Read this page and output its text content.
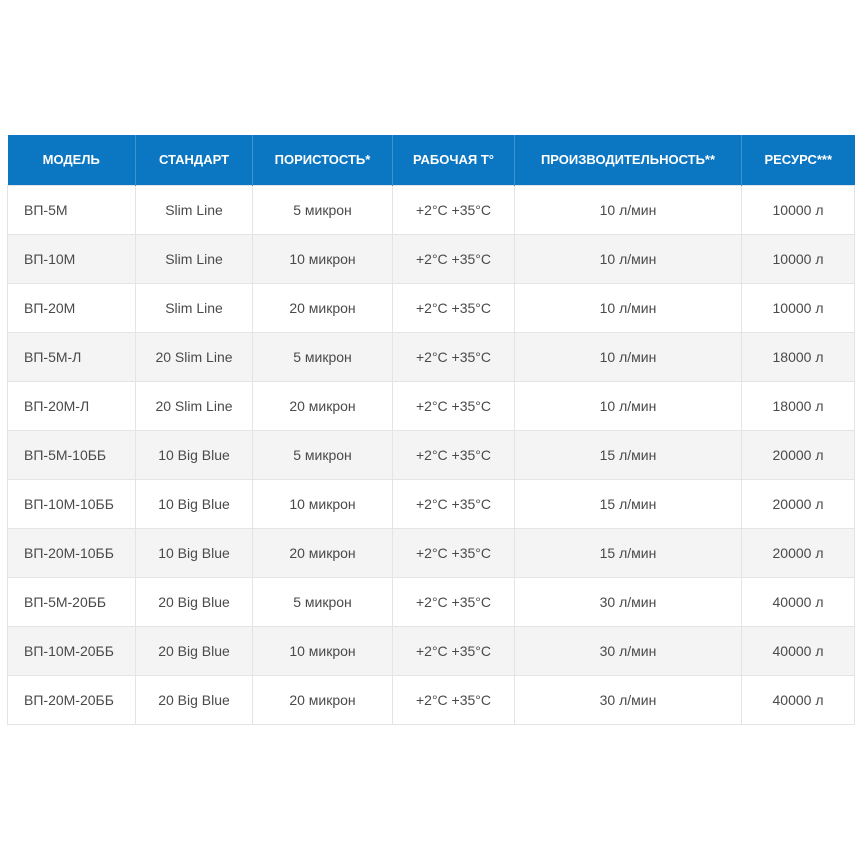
МОДЕЛЬ	СТАНДАРТ	ПОРИСТОСТЬ*	РАБОЧАЯ T°	ПРОИЗВОДИТЕЛЬНОСТЬ**	РЕСУРС***
ВП-5М	Slim Line	5 микрон	+2°C +35°C	10 л/мин	10000 л
ВП-10М	Slim Line	10 микрон	+2°C +35°C	10 л/мин	10000 л
ВП-20М	Slim Line	20 микрон	+2°C +35°C	10 л/мин	10000 л
ВП-5М-Л	20 Slim Line	5 микрон	+2°C +35°C	10 л/мин	18000 л
ВП-20М-Л	20 Slim Line	20 микрон	+2°C +35°C	10 л/мин	18000 л
ВП-5М-10ББ	10 Big Blue	5 микрон	+2°C +35°C	15 л/мин	20000 л
ВП-10М-10ББ	10 Big Blue	10 микрон	+2°C +35°C	15 л/мин	20000 л
ВП-20М-10ББ	10 Big Blue	20 микрон	+2°C +35°C	15 л/мин	20000 л
ВП-5М-20ББ	20 Big Blue	5 микрон	+2°C +35°C	30 л/мин	40000 л
ВП-10М-20ББ	20 Big Blue	10 микрон	+2°C +35°C	30 л/мин	40000 л
ВП-20М-20ББ	20 Big Blue	20 микрон	+2°C +35°C	30 л/мин	40000 л
